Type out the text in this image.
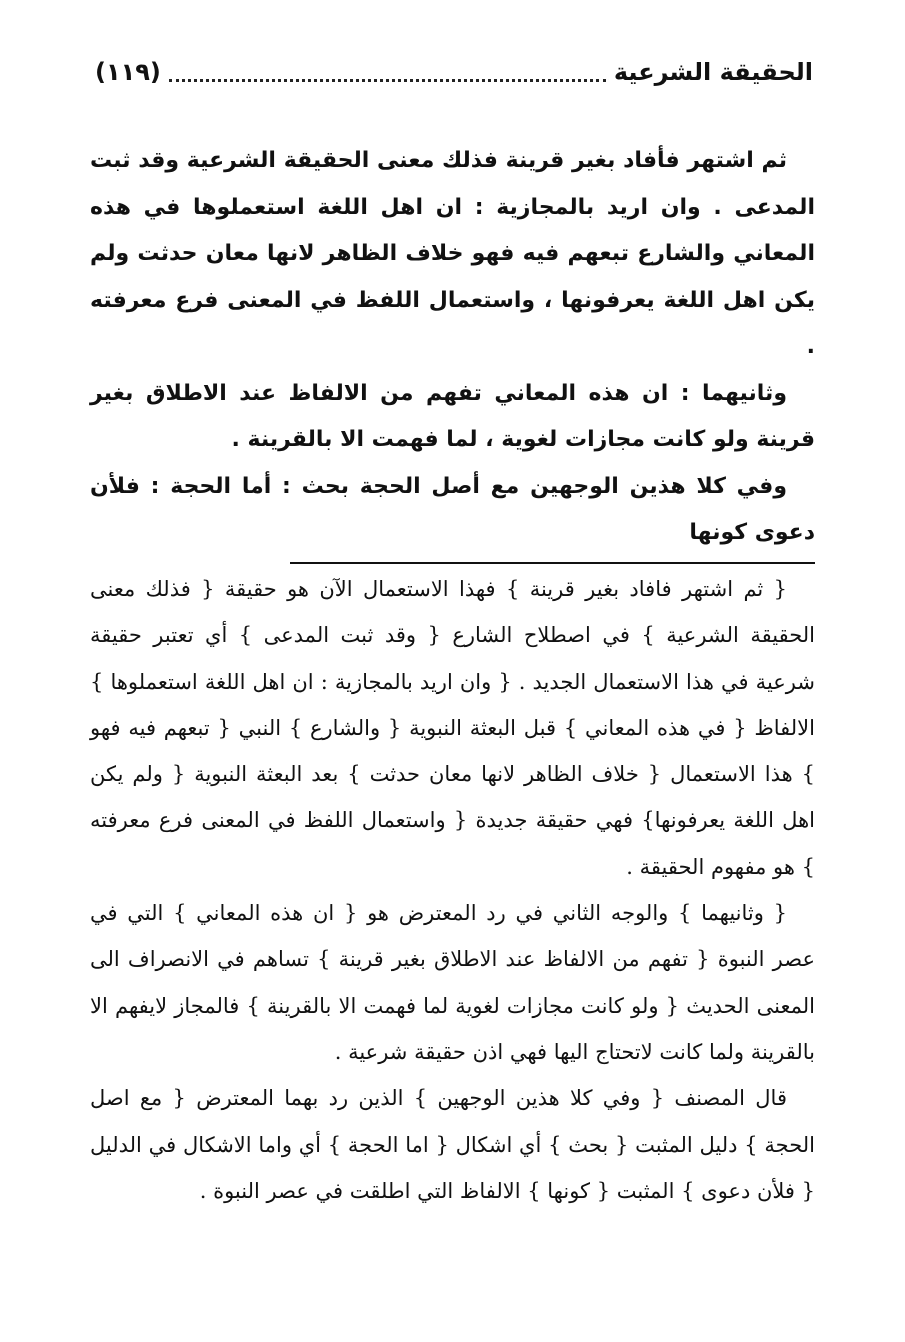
الحقيقة الشرعية
(١١٩)

ثم اشتهر فأفاد بغير قرينة فذلك معنى الحقيقة الشرعية وقد ثبت المدعى . وان اريد بالمجازية : ان اهل اللغة استعملوها في هذه المعاني والشارع تبعهم فيه فهو خلاف الظاهر لانها معان حدثت ولم يكن اهل اللغة يعرفونها ، واستعمال اللفظ في المعنى فرع معرفته .

وثانيهما : ان هذه المعاني تفهم من الالفاظ عند الاطلاق بغير قرينة ولو كانت مجازات لغوية ، لما فهمت الا بالقرينة .

وفي كلا هذين الوجهين مع أصل الحجة بحث : أما الحجة : فلأن دعوى كونها

{ ثم اشتهر فافاد بغير قرينة } فهذا الاستعمال الآن هو حقيقة { فذلك معنى الحقيقة الشرعية } في اصطلاح الشارع { وقد ثبت المدعى } أي تعتبر حقيقة شرعية في هذا الاستعمال الجديد . { وان اريد بالمجازية : ان اهل اللغة استعملوها } الالفاظ { في هذه المعاني } قبل البعثة النبوية { والشارع } النبي { تبعهم فيه فهو } هذا الاستعمال { خلاف الظاهر لانها معان حدثت } بعد البعثة النبوية { ولم يكن اهل اللغة يعرفونها} فهي حقيقة جديدة { واستعمال اللفظ في المعنى فرع معرفته } هو مفهوم الحقيقة .

{ وثانيهما } والوجه الثاني في رد المعترض هو { ان هذه المعاني } التي في عصر النبوة { تفهم من الالفاظ عند الاطلاق بغير قرينة } تساهم في الانصراف الى المعنى الحديث { ولو كانت مجازات لغوية لما فهمت الا بالقرينة } فالمجاز لايفهم الا بالقرينة ولما كانت لاتحتاج اليها فهي اذن حقيقة شرعية .

قال المصنف { وفي كلا هذين الوجهين } الذين رد بهما المعترض { مع اصل الحجة } دليل المثبت { بحث } أي اشكال { اما الحجة } أي واما الاشكال في الدليل { فلأن دعوى } المثبت { كونها } الالفاظ التي اطلقت في عصر النبوة .
